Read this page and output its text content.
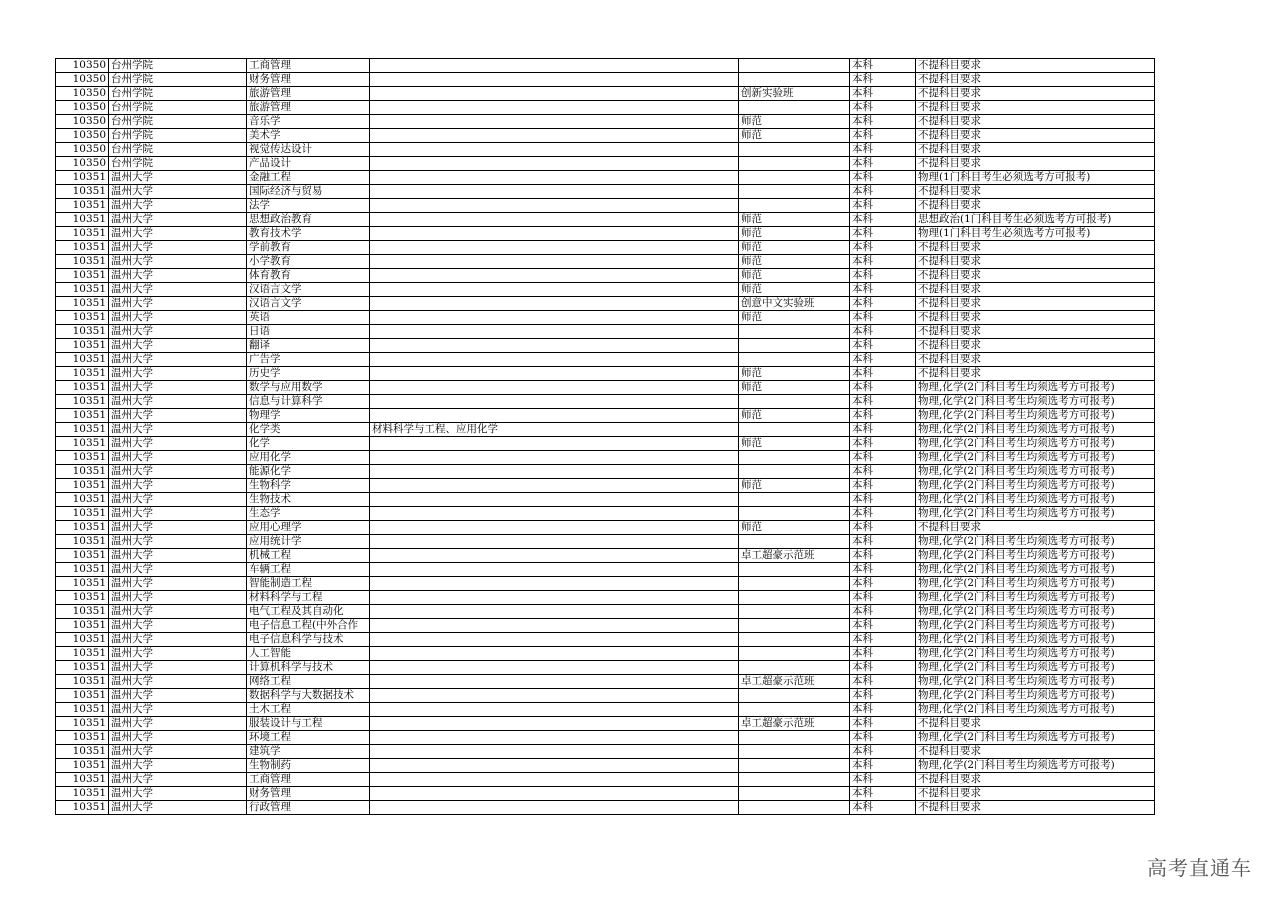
10350	台州学院	工商管理			本科	不提科目要求
10350	台州学院	财务管理			本科	不提科目要求
10350	台州学院	旅游管理		创新实验班	本科	不提科目要求
10350	台州学院	旅游管理			本科	不提科目要求
10350	台州学院	音乐学		师范	本科	不提科目要求
10350	台州学院	美术学		师范	本科	不提科目要求
10350	台州学院	视觉传达设计			本科	不提科目要求
10350	台州学院	产品设计			本科	不提科目要求
10351	温州大学	金融工程			本科	物理(1门科目考生必须选考方可报考)
10351	温州大学	国际经济与贸易			本科	不提科目要求
10351	温州大学	法学			本科	不提科目要求
10351	温州大学	思想政治教育		师范	本科	思想政治(1门科目考生必须选考方可报考)
10351	温州大学	教育技术学		师范	本科	物理(1门科目考生必须选考方可报考)
10351	温州大学	学前教育		师范	本科	不提科目要求
10351	温州大学	小学教育		师范	本科	不提科目要求
10351	温州大学	体育教育		师范	本科	不提科目要求
10351	温州大学	汉语言文学		师范	本科	不提科目要求
10351	温州大学	汉语言文学		创意中文实验班	本科	不提科目要求
10351	温州大学	英语		师范	本科	不提科目要求
10351	温州大学	日语			本科	不提科目要求
10351	温州大学	翻译			本科	不提科目要求
10351	温州大学	广告学			本科	不提科目要求
10351	温州大学	历史学		师范	本科	不提科目要求
10351	温州大学	数学与应用数学		师范	本科	物理,化学(2门科目考生均须选考方可报考)
10351	温州大学	信息与计算科学			本科	物理,化学(2门科目考生均须选考方可报考)
10351	温州大学	物理学		师范	本科	物理,化学(2门科目考生均须选考方可报考)
10351	温州大学	化学类	材料科学与工程、应用化学		本科	物理,化学(2门科目考生均须选考方可报考)
10351	温州大学	化学		师范	本科	物理,化学(2门科目考生均须选考方可报考)
10351	温州大学	应用化学			本科	物理,化学(2门科目考生均须选考方可报考)
10351	温州大学	能源化学			本科	物理,化学(2门科目考生均须选考方可报考)
10351	温州大学	生物科学		师范	本科	物理,化学(2门科目考生均须选考方可报考)
10351	温州大学	生物技术			本科	物理,化学(2门科目考生均须选考方可报考)
10351	温州大学	生态学			本科	物理,化学(2门科目考生均须选考方可报考)
10351	温州大学	应用心理学		师范	本科	不提科目要求
10351	温州大学	应用统计学			本科	物理,化学(2门科目考生均须选考方可报考)
10351	温州大学	机械工程		卓工超豪示范班	本科	物理,化学(2门科目考生均须选考方可报考)
10351	温州大学	车辆工程			本科	物理,化学(2门科目考生均须选考方可报考)
10351	温州大学	智能制造工程			本科	物理,化学(2门科目考生均须选考方可报考)
10351	温州大学	材料科学与工程			本科	物理,化学(2门科目考生均须选考方可报考)
10351	温州大学	电气工程及其自动化			本科	物理,化学(2门科目考生均须选考方可报考)
10351	温州大学	电子信息工程(中外合作			本科	物理,化学(2门科目考生均须选考方可报考)
10351	温州大学	电子信息科学与技术			本科	物理,化学(2门科目考生均须选考方可报考)
10351	温州大学	人工智能			本科	物理,化学(2门科目考生均须选考方可报考)
10351	温州大学	计算机科学与技术			本科	物理,化学(2门科目考生均须选考方可报考)
10351	温州大学	网络工程		卓工超豪示范班	本科	物理,化学(2门科目考生均须选考方可报考)
10351	温州大学	数据科学与大数据技术			本科	物理,化学(2门科目考生均须选考方可报考)
10351	温州大学	土木工程			本科	物理,化学(2门科目考生均须选考方可报考)
10351	温州大学	服装设计与工程		卓工超豪示范班	本科	不提科目要求
10351	温州大学	环境工程			本科	物理,化学(2门科目考生均须选考方可报考)
10351	温州大学	建筑学			本科	不提科目要求
10351	温州大学	生物制药			本科	物理,化学(2门科目考生均须选考方可报考)
10351	温州大学	工商管理			本科	不提科目要求
10351	温州大学	财务管理			本科	不提科目要求
10351	温州大学	行政管理			本科	不提科目要求
高考直通车
